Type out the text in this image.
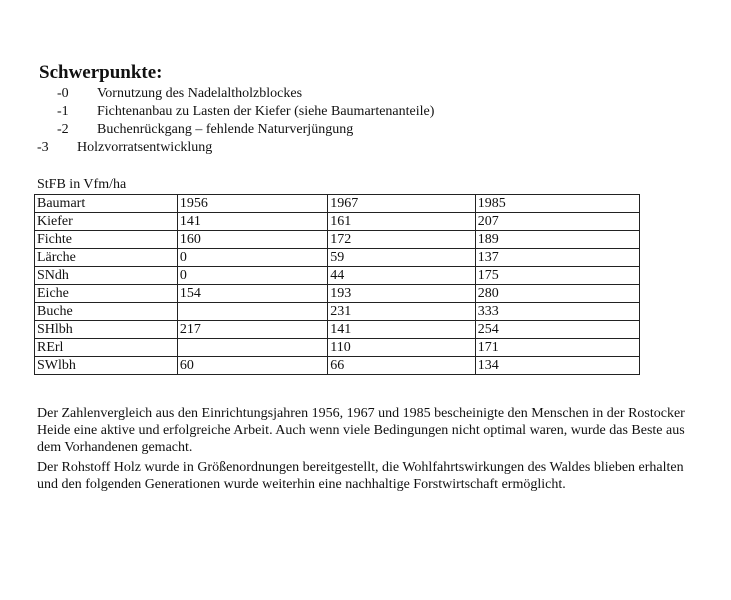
Schwerpunkte:
-0 Vornutzung des Nadelaltholzblockes
-1 Fichtenanbau zu Lasten der Kiefer (siehe Baumartenanteile)
-2 Buchenrückgang – fehlende Naturverjüngung
-3 Holzvorratsentwicklung
StFB in Vfm/ha
Baumart	1956	1967	1985
Kiefer	141	161	207
Fichte	160	172	189
Lärche	0	59	137
SNdh	0	44	175
Eiche	154	193	280
Buche		231	333
SHlbh	217	141	254
RErl		110	171
SWlbh	60	66	134

Der Zahlenvergleich aus den Einrichtungsjahren 1956, 1967 und 1985 bescheinigte den Menschen in der Rostocker Heide eine aktive und erfolgreiche Arbeit. Auch wenn viele Bedingungen nicht optimal waren, wurde das Beste aus dem Vorhandenen gemacht.

Der Rohstoff Holz wurde in Größenordnungen bereitgestellt, die Wohlfahrtswirkungen des Waldes blieben erhalten und den folgenden Generationen wurde weiterhin eine nachhaltige Forstwirtschaft ermöglicht.
